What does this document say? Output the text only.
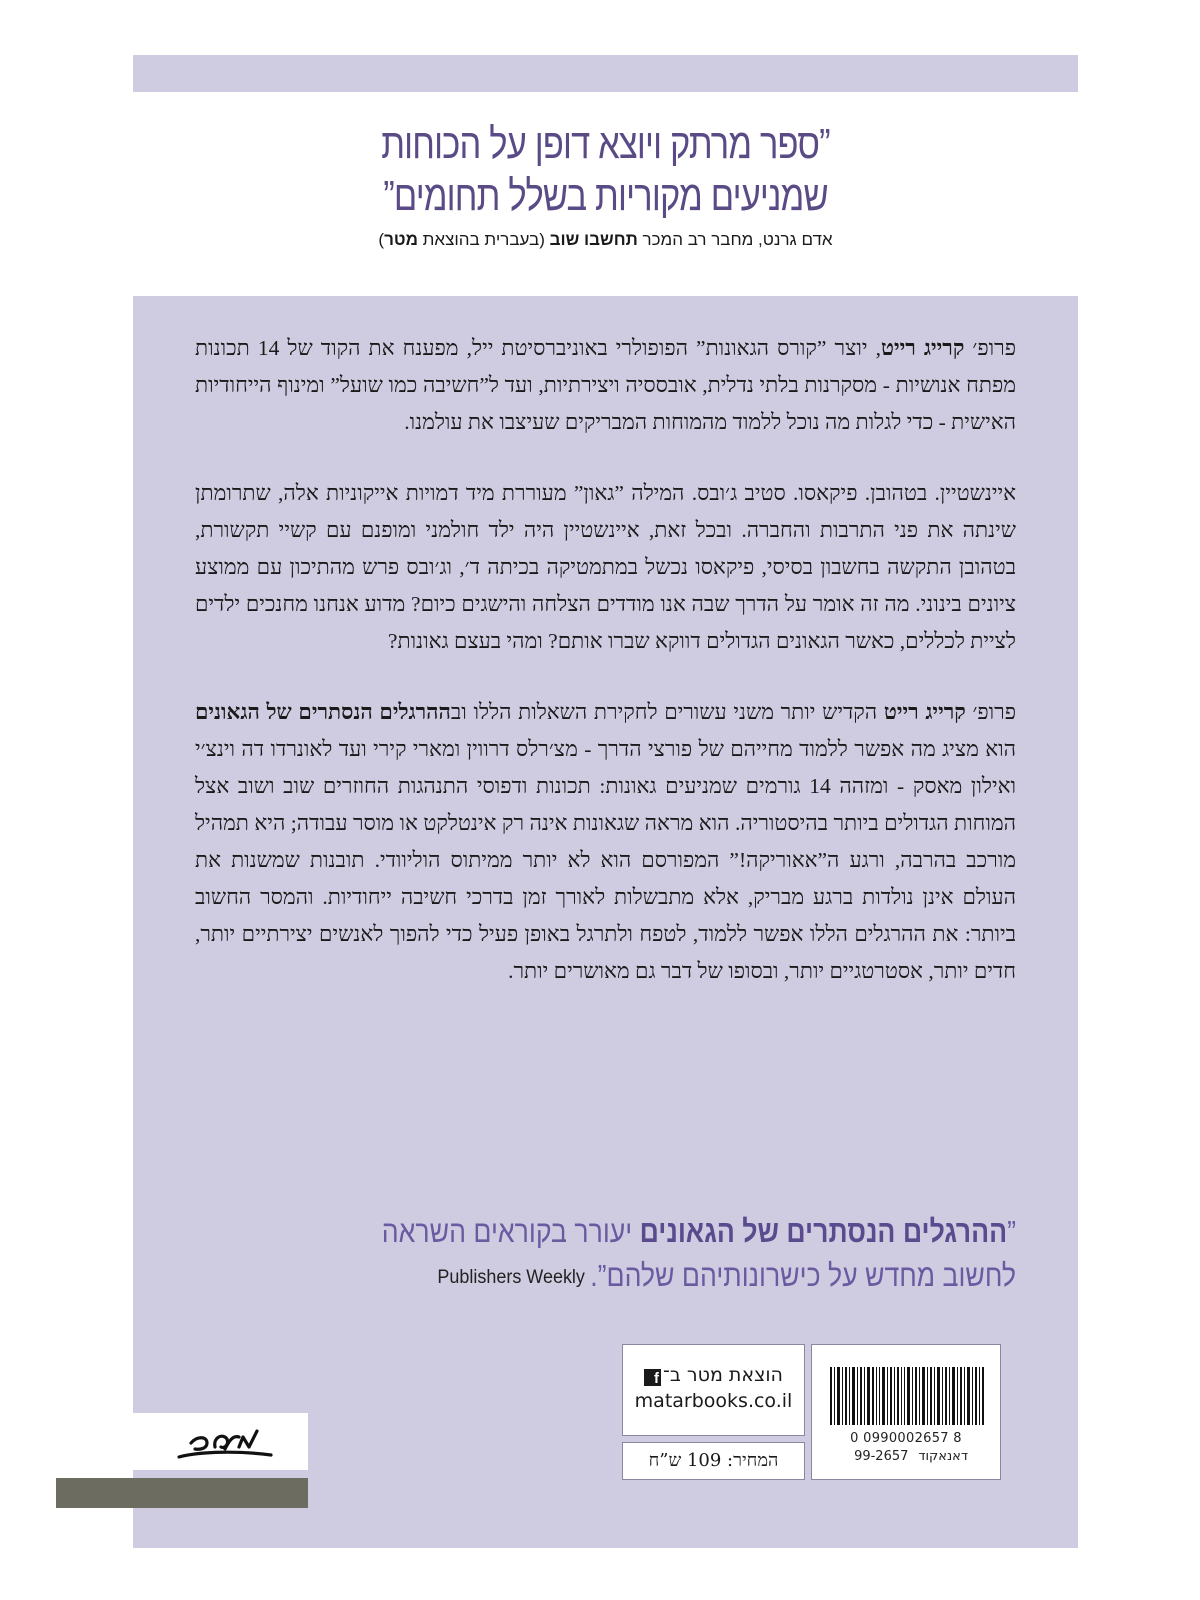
”ספר מרתק ויוצא דופן על הכוחות
שמניעים מקוריות בשלל תחומים”
אדם גרנט, מחבר רב המכר תחשבו שוב (בעברית בהוצאת מטר)

פרופ׳ קרייג רייט, יוצר ”קורס הגאונות” הפופולרי באוניברסיטת ייל, מפענח את הקוד של 14 תכונות מפתח אנושיות - מסקרנות בלתי נדלית, אובססיה ויצירתיות, ועד ל”חשיבה כמו שועל” ומינוף הייחודיות האישית - כדי לגלות מה נוכל ללמוד מהמוחות המבריקים שעיצבו את עולמנו.

איינשטיין. בטהובן. פיקאסו. סטיב ג׳ובס. המילה ”גאון” מעוררת מיד דמויות אייקוניות אלה, שתרומתן שינתה את פני התרבות והחברה. ובכל זאת, איינשטיין היה ילד חולמני ומופנם עם קשיי תקשורת, בטהובן התקשה בחשבון בסיסי, פיקאסו נכשל במתמטיקה בכיתה ד׳, וג׳ובס פרש מהתיכון עם ממוצע ציונים בינוני. מה זה אומר על הדרך שבה אנו מודדים הצלחה והישגים כיום? מדוע אנחנו מחנכים ילדים לציית לכללים, כאשר הגאונים הגדולים דווקא שברו אותם? ומהי בעצם גאונות?

פרופ׳ קרייג רייט הקדיש יותר משני עשורים לחקירת השאלות הללו ובההרגלים הנסתרים של הגאונים הוא מציג מה אפשר ללמוד מחייהם של פורצי הדרך - מצ׳רלס דרווין ומארי קירי ועד לאונרדו דה וינצ׳י ואילון מאסק - ומזהה 14 גורמים שמניעים גאונות: תכונות ודפוסי התנהגות החוזרים שוב ושוב אצל המוחות הגדולים ביותר בהיסטוריה. הוא מראה שגאונות אינה רק אינטלקט או מוסר עבודה; היא תמהיל מורכב בהרבה, ורגע ה”אאוריקה!” המפורסם הוא לא יותר ממיתוס הוליוודי. תובנות שמשנות את העולם אינן נולדות ברגע מבריק, אלא מתבשלות לאורך זמן בדרכי חשיבה ייחודיות. והמסר החשוב ביותר: את ההרגלים הללו אפשר ללמוד, לטפח ולתרגל באופן פעיל כדי להפוך לאנשים יצירתיים יותר, חדים יותר, אסטרטגיים יותר, ובסופו של דבר גם מאושרים יותר.

”ההרגלים הנסתרים של הגאונים יעורר בקוראים השראה
לחשוב מחדש על כישרונותיהם שלהם”.Publishers Weekly
הוצאת מטר ב־f
matarbooks.co.il
המחיר: 109 ש”ח
0 0990002657 8
דאנאקוד99-2657
